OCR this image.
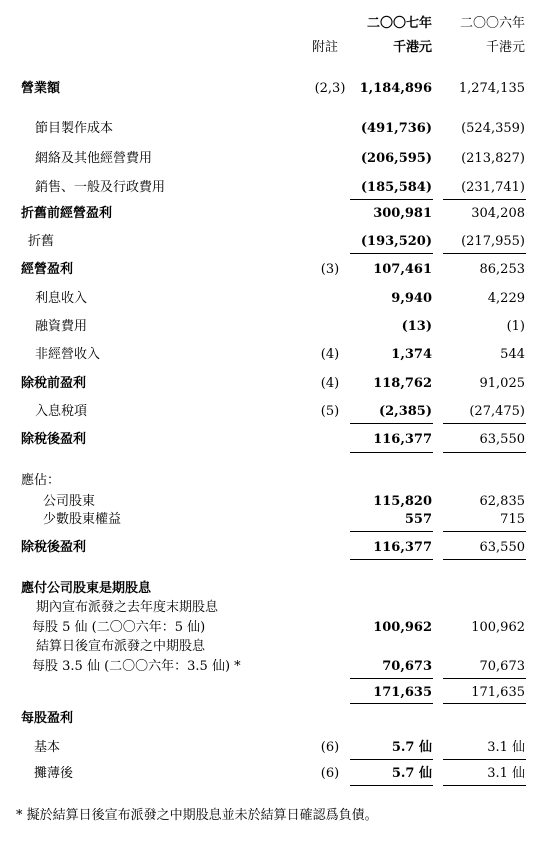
二〇〇七年 二〇〇六年
附註	千港元	千港元
營業額	(2,3)	1,184,896 1,274,135
節目製作成本	(491,736) (524,359)
網絡及其他經營費用	(206,595) (213,827)
銷售、一般及行政費用	(185,584) (231,741)
折舊前經營盈利	300,981	304,208
折舊	(193,520) (217,955)
經營盈利	(3)	107,461	86,253
利息收入	9,940	4,229
融資費用	(13)	(1)
非經營收入	(4)	1,374	544
除稅前盈利	(4)	118,762	91,025
入息稅項	(5)	(2,385)	(27,475)
除稅後盈利	116,377	63,550
應佔：
公司股東	115,820	62,835
少數股東權益	557	715
除稅後盈利	116,377	63,550
應付公司股東是期股息
期內宣布派發之去年度末期股息
每股 5 仙 (二〇〇六年：5 仙)	100,962	100,962
結算日後宣布派發之中期股息
每股 3.5 仙 (二〇〇六年：3.5 仙) *	70,673	70,673
171,635	171,635
每股盈利
基本	(6)	5.7 仙	3.1 仙
攤薄後	(6)	5.7 仙	3.1 仙
* 擬於結算日後宣布派發之中期股息並未於結算日確認爲負債。
